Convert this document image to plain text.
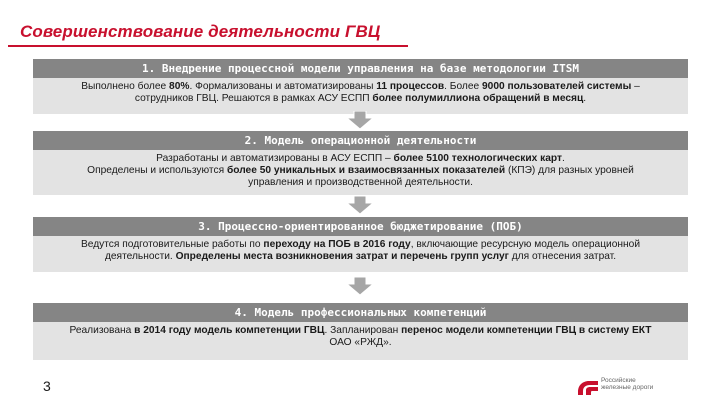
Совершенствование деятельности ГВЦ
1. Внедрение процессной модели управления на базе методологии ITSM
Выполнено более 80%. Формализованы и автоматизированы 11 процессов. Более 9000 пользователей системы –
сотрудников ГВЦ. Решаются в рамках АСУ ЕСПП более полумиллиона обращений в месяц.
2. Модель операционной деятельности
Разработаны и автоматизированы в АСУ ЕСПП – более 5100 технологических карт.
Определены и используются более 50 уникальных и взаимосвязанных показателей (КПЭ) для разных уровней
управления и производственной деятельности.
3. Процессно-ориентированное бюджетирование (ПОБ)
Ведутся подготовительные работы по переходу на ПОБ в 2016 году, включающие ресурсную модель операционной
деятельности. Определены места возникновения затрат и перечень групп услуг для отнесения затрат.
4. Модель профессиональных компетенций
Реализована в 2014 году модель компетенции ГВЦ. Запланирован перенос модели компетенции ГВЦ в систему ЕКТ
ОАО «РЖД».
3	Российские
железные дороги
